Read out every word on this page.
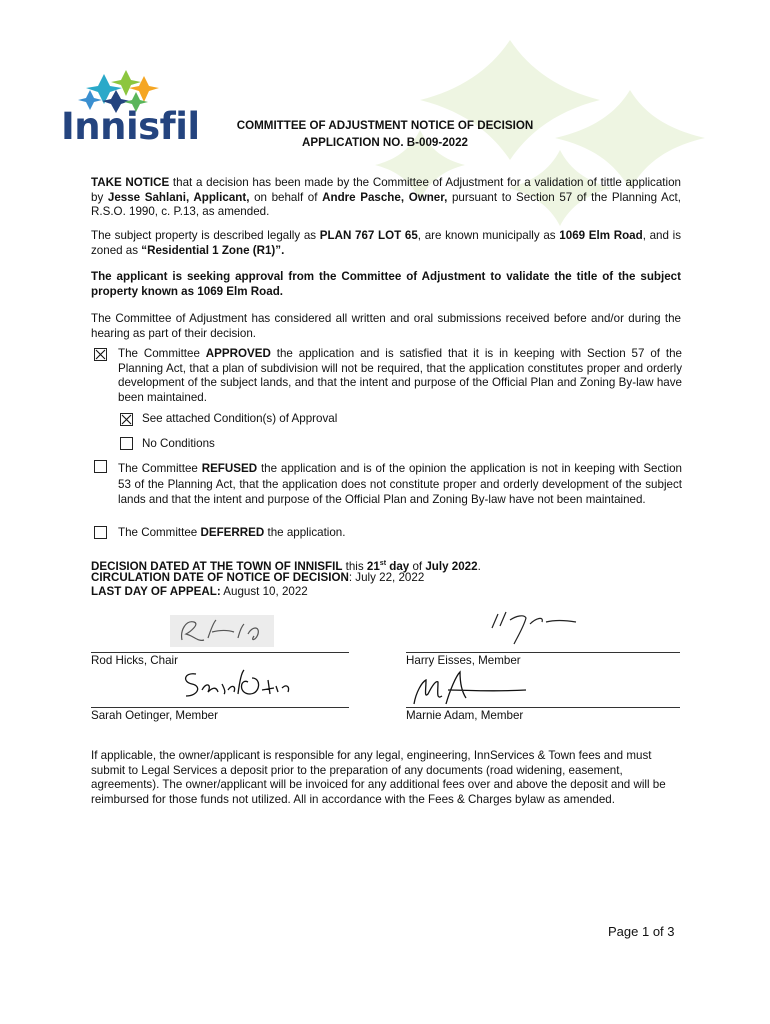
Innisfil	COMMITTEE OF ADJUSTMENT NOTICE OF DECISION
APPLICATION NO. B-009-2022
TAKE NOTICE that a decision has been made by the Committee of Adjustment for a validation of tittle application by Jesse Sahlani, Applicant, on behalf of Andre Pasche, Owner, pursuant to Section 57 of the Planning Act, R.S.O. 1990, c. P.13, as amended.
The subject property is described legally as PLAN 767 LOT 65, are known municipally as 1069 Elm Road, and is zoned as “Residential 1 Zone (R1)”.
The applicant is seeking approval from the Committee of Adjustment to validate the title of the subject property known as 1069 Elm Road.
The Committee of Adjustment has considered all written and oral submissions received before and/or during the hearing as part of their decision.
The Committee APPROVED the application and is satisfied that it is in keeping with Section 57 of the Planning Act, that a plan of subdivision will not be required, that the application constitutes proper and orderly development of the subject lands, and that the intent and purpose of the Official Plan and Zoning By-law have been maintained.
See attached Condition(s) of Approval
No Conditions
The Committee REFUSED the application and is of the opinion the application is not in keeping with Section 53 of the Planning Act, that the application does not constitute proper and orderly development of the subject lands and that the intent and purpose of the Official Plan and Zoning By-law have not been maintained.
The Committee DEFERRED the application.
DECISION DATED AT THE TOWN OF INNISFIL this 21st day of July 2022.
CIRCULATION DATE OF NOTICE OF DECISION: July 22, 2022
LAST DAY OF APPEAL: August 10, 2022
Rod Hicks, Chair	Harry Eisses, Member
Sarah Oetinger, Member	Marnie Adam, Member
If applicable, the owner/applicant is responsible for any legal, engineering, InnServices & Town fees and must submit to Legal Services a deposit prior to the preparation of any documents (road widening, easement, agreements). The owner/applicant will be invoiced for any additional fees over and above the deposit and will be reimbursed for those funds not utilized. All in accordance with the Fees & Charges bylaw as amended.
Page 1 of 3
